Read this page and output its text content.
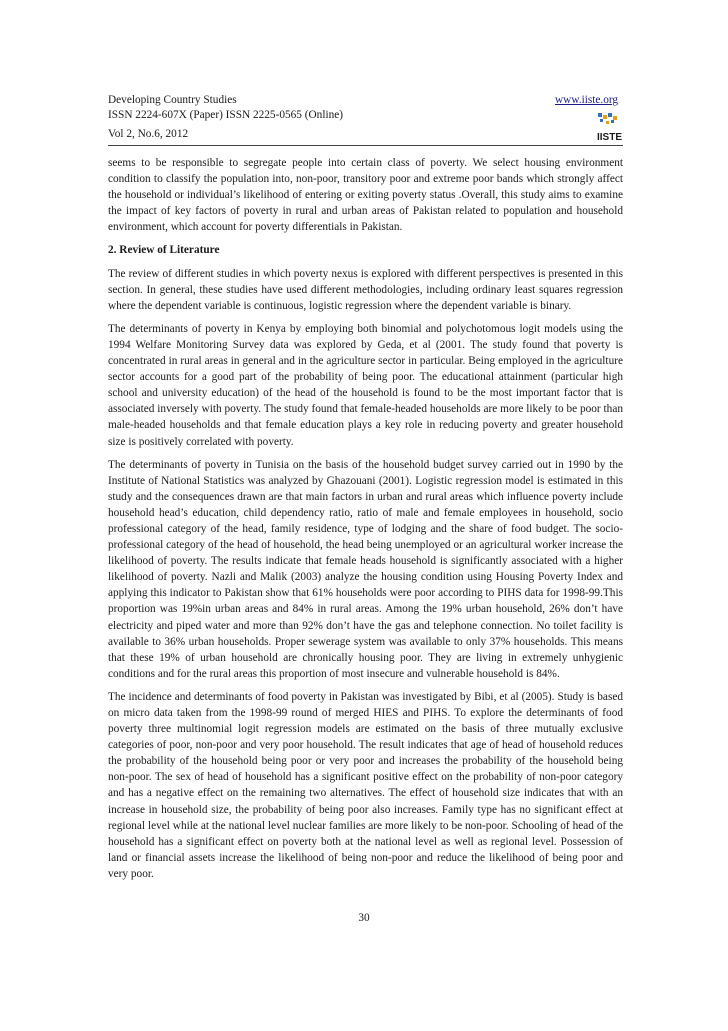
Developing Country Studies
ISSN 2224-607X (Paper) ISSN 2225-0565 (Online)
Vol 2, No.6, 2012
www.iiste.org
IISTE

seems to be responsible to segregate people into certain class of poverty. We select housing environment condition to classify the population into, non-poor, transitory poor and extreme poor bands which strongly affect the household or individual’s likelihood of entering or exiting poverty status .Overall, this study aims to examine the impact of key factors of poverty in rural and urban areas of Pakistan related to population and household environment, which account for poverty differentials in Pakistan.

2. Review of Literature

The review of different studies in which poverty nexus is explored with different perspectives is presented in this section. In general, these studies have used different methodologies, including ordinary least squares regression where the dependent variable is continuous, logistic regression where the dependent variable is binary.

The determinants of poverty in Kenya by employing both binomial and polychotomous logit models using the 1994 Welfare Monitoring Survey data was explored by Geda, et al (2001. The study found that poverty is concentrated in rural areas in general and in the agriculture sector in particular. Being employed in the agriculture sector accounts for a good part of the probability of being poor. The educational attainment (particular high school and university education) of the head of the household is found to be the most important factor that is associated inversely with poverty. The study found that female-headed households are more likely to be poor than male-headed households and that female education plays a key role in reducing poverty and greater household size is positively correlated with poverty.

The determinants of poverty in Tunisia on the basis of the household budget survey carried out in 1990 by the Institute of National Statistics was analyzed by Ghazouani (2001). Logistic regression model is estimated in this study and the consequences drawn are that main factors in urban and rural areas which influence poverty include household head’s education, child dependency ratio, ratio of male and female employees in household, socio professional category of the head, family residence, type of lodging and the share of food budget. The socio-professional category of the head of household, the head being unemployed or an agricultural worker increase the likelihood of poverty. The results indicate that female heads household is significantly associated with a higher likelihood of poverty. Nazli and Malik (2003) analyze the housing condition using Housing Poverty Index and applying this indicator to Pakistan show that 61% households were poor according to PIHS data for 1998-99.This proportion was 19%in urban areas and 84% in rural areas. Among the 19% urban household, 26% don’t have electricity and piped water and more than 92% don’t have the gas and telephone connection. No toilet facility is available to 36% urban households. Proper sewerage system was available to only 37% households. This means that these 19% of urban household are chronically housing poor. They are living in extremely unhygienic conditions and for the rural areas this proportion of most insecure and vulnerable household is 84%.

The incidence and determinants of food poverty in Pakistan was investigated by Bibi, et al (2005). Study is based on micro data taken from the 1998-99 round of merged HIES and PIHS. To explore the determinants of food poverty three multinomial logit regression models are estimated on the basis of three mutually exclusive categories of poor, non-poor and very poor household. The result indicates that age of head of household reduces the probability of the household being poor or very poor and increases the probability of the household being non-poor. The sex of head of household has a significant positive effect on the probability of non-poor category and has a negative effect on the remaining two alternatives. The effect of household size indicates that with an increase in household size, the probability of being poor also increases. Family type has no significant effect at regional level while at the national level nuclear families are more likely to be non-poor. Schooling of head of the household has a significant effect on poverty both at the national level as well as regional level. Possession of land or financial assets increase the likelihood of being non-poor and reduce the likelihood of being poor and very poor.

30
